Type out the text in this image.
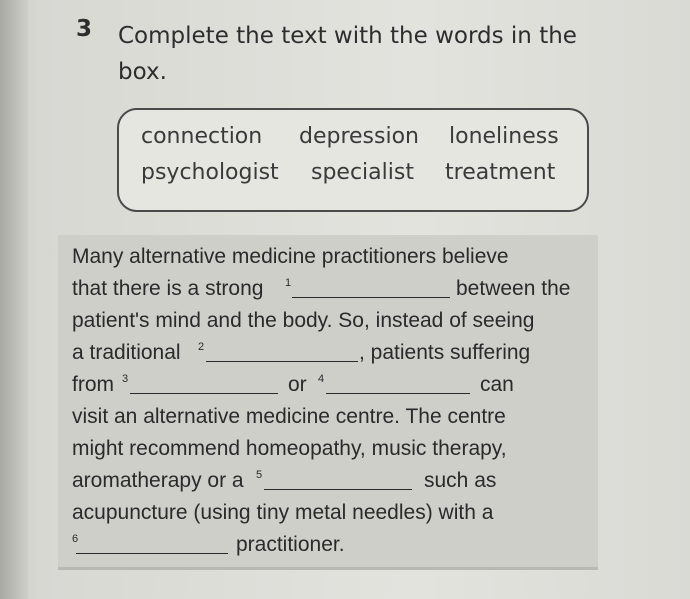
3 Complete the text with the words in the
box.
connection depression loneliness
psychologist specialist treatment
Many alternative medicine practitioners believe
that there is a strong 1	between the
patient's mind and the body. So, instead of seeing
a traditional 2	, patients suffering
from 3	or 4	can
visit an alternative medicine centre. The centre
might recommend homeopathy, music therapy,
aromatherapy or a 5	such as
acupuncture (using tiny metal needles) with a
6	practitioner.
